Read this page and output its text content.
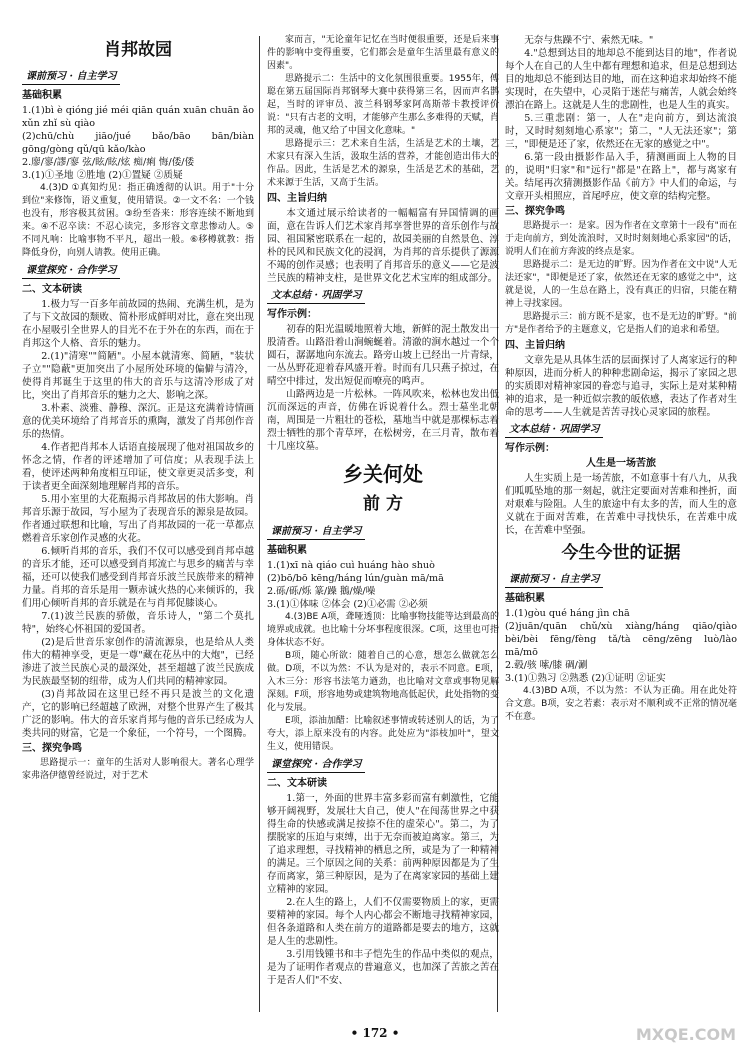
肖邦故园
课前预习 · 自主学习
基础积累

1.(1)bì è qióng jié méi qiān quán xuān chuān ǎo xǔn zhǐ sù qiào

(2)chū/chù jiāo/jué bǎo/bāo bān/biàn gōng/gòng qǔ/qū kǎo/kào

2.廖/寥/謬/寥 弦/眩/眩/炫 痴/痢 悔/倭/倭

3.(1)①圣地 ②胜地 (2)①置疑 ②质疑

4.(3)D ①真知灼见：指正确透彻的认识。用于"十分到位"来修饰，语义重复，使用错误。②一文不名：一个钱也没有，形容极其贫困。③纷至沓来：形容连续不断地到来。④不忍卒读：不忍心读完，多形容文章悲惨动人。⑤不同凡响：比喻事物不平凡，超出一般。⑥移樽就教：指降低身份，向别人请教。使用正确。

课堂探究 · 合作学习
二、文本研读

1.极力写一百多年前故园的热闹、充满生机，是为了与下文故园的颓败、简朴形成鲜明对比，意在突出现在小屋吸引全世界人的目光不在于外在的东西，而在于肖邦这个人格、音乐的魅力。

2.(1)"清寒""简陋"。小屋本就清寒、简陋，"装状子立""隐蔽"更加突出了小屋所处环境的偏僻与清冷，使得肖邦诞生于这里的伟大的音乐与这清冷形成了对比，突出了肖邦音乐的魅力之大、影响之深。

3.朴素、淡雅、静穆、深沉。正是这充满着诗情画意的优美环境给了肖邦音乐的熏陶，激发了肖邦创作音乐的热情。

4.作者把肖邦本人话语直接展现了他对祖国故乡的怀念之情，作者的评述增加了可信度；从表现手法上看，使评述两种角度相互印证，使文章更灵活多变，利于读者更全面深刻地理解肖邦的音乐。

5.用小室里的大花瓶揭示肖邦故居的伟大影响。肖邦音乐源于故园，写小屋为了表现音乐的源泉是故园。作者通过联想和比喻，写出了肖邦故园的一花一草都点燃着音乐家创作灵感的火花。

6.倾听肖邦的音乐，我们不仅可以感受到肖邦卓越的音乐才能，还可以感受到肖邦流亡与思乡的痛苦与幸福，还可以使我们感受到肖邦音乐波兰民族带来的精神力量。肖邦的音乐是用一颗赤诚火热的心来倾诉的，我们用心倾听肖邦的音乐就是在与肖邦促膝谈心。

7.(1)波兰民族的骄傲，音乐诗人，"第二个莫扎特"，始终心怀祖国的爱国者。

(2)是后世音乐家创作的清流源泉，也是给从人类伟大的精神享受，更是一尊"藏在花丛中的大炮"，已经渗进了波兰民族心灵的最深处，甚至超越了波兰民族成为民族最坚韧的纽带，成为人们共同的精神家园。

(3)肖邦故园在这里已经不再只是波兰的文化遗产，它的影响已经超越了欧洲，对整个世界产生了极其广泛的影响。伟大的音乐家肖邦与他的音乐已经成为人类共同的财富，它是一个象征，一个符号，一个图腾。

三、探究争鸣

思路提示一：童年的生活对人影响很大。著名心理学家弗洛伊德曾经说过，对于艺术

家而言，"无论童年记忆在当时便很重要，还是后来事件的影响中变得重要，它们都会是童年生活里最有意义的因素"。

思路提示二：生活中的文化氛围很重要。1955年，傅聪在第五届国际肖邦钢琴大赛中获得第三名，因而声名鹊起，当时的评审员、波兰科钢琴家阿高斯蒂卡教授评价说："只有古老的文明，才能够产生那么多难得的天赋，肖邦的灵魂，他又给了中国文化意味。"

思路提示三：艺术来自生活，生活是艺术的土壤，艺术家只有深入生活，汲取生活的营养，才能创造出伟大的作品。因此，生活是艺术的源泉，生活是艺术的基础，艺术来源于生活，又高于生活。

四、主旨归纳

本文通过展示给读者的一幅幅富有异国情调的画面，意在告诉人们艺术家肖邦享誉世界的音乐创作与故园、祖国紧密联系在一起的，故园美丽的自然景色、淳朴的民风和民族文化的浸润，为肖邦的音乐提供了源源不竭的创作灵感；也表明了肖邦音乐的意义——它是波兰民族的精神支柱，是世界文化艺术宝库的组成部分。

文本总结 · 巩固学习
写作示例：

初春的阳光温暖地照着大地，新鲜的泥土散发出一股清香。山路沿着山涧蜿蜒着。清澈的涧水越过一个个圆石，潺潺地向东流去。路旁山坡上已经出一片青绿，一丛丛野花迎着春风盛开着。时而有几只燕子掠过，在晴空中排过，发出短促而嘹亮的鸣声。

山路两边是一片松林。一阵风吹来，松林也发出低沉而深远的声音，仿佛在诉说着什么。烈士墓坐北朝南，周围是一片粗壮的苍松，墓地当中就是那棵标志着烈士牺牲的那个青草坪，在松树旁，在三月青，散布着十几座坟墓。

乡关何处
前 方
课前预习 · 自主学习
基础积累

1.(1)xī nà qiáo cuì huáng hào shuò

(2)bō/bō kēng/háng lún/guàn mā/mā

2.砾/砾/烁 篆/躁 鵝/燥/噪

3.(1)①体味 ②体会 (2)①必需 ②必须

4.(3)BE A项，聋哑透顶：比喻事物技能等达到最高的境界或成就。也比喻十分坏事程度很深。C项，这里也可指身体状态不好。

B项，随心所欲：随着自己的心意，想怎么做就怎么做。D项，不以为然：不认为是对的，表示不同意。E项，入木三分：形容书法笔力遒劲，也比喻对文章或事物见解深刻。F项，形容地势或建筑物地高低起伏，此处指物的变化与发展。

E项，添油加醋：比喻叙述事情或转述别人的话，为了夸大，添上原来没有的内容。此处应为"添枝加叶"，望文生义，使用错误。

课堂探究 · 合作学习
二、文本研读

1.第一，外面的世界丰富多彩而富有刺激性，它能够开阔视野，发展壮大自己，使人"在闯荡世界之中获得生命的快感或满足按捺不住的虚荣心"。第二，为了摆脱家的压迫与束缚，出于无奈而被迫离家。第三，为了追求理想，寻找精神的栖息之所，或是为了一种精神的满足。三个原因之间的关系：前两种原因都是为了生存而离家，第三种原因，是为了在离家家园的基础上建立精神的家园。

2.在人生的路上，人们不仅需要物质上的家，更需要精神的家园。每个人内心都会不断地寻找精神家园，但各条道路和人类在前方的道路都是要去的地方，这就是人生的悲剧性。

3.引用钱锺书和丰子恺先生的作品中类似的观点，是为了证明作者观点的普遍意义，也加深了苦旅之苦在于是否人们"不安、

无奈与焦躁不宁、索然无味。"

4."总想到达目的地却总不能到达目的地"，作者说每个人在自己的人生中都有理想和追求，但是总想到达目的地却总不能到达目的地，而在这种追求却始终不能实现时，在失望中，心灵陷于迷茫与痛苦，人就会始终漂泊在路上。这就是人生的悲剧性，也是人生的真实。

5.三重悲剧：第一，人在"走向前方，到达流浪时，又时时刻刻地心系家"；第二，"人无法还家"；第三，"即便是还了家，依然还在无家的感觉之中"。

6.第一段由摄影作品入手，猜测画面上人物的目的，说明"归家"和"远行"都是"在路上"，都与离家有关。结尾再次猜测摄影作品《前方》中人们的命运，与文章开头相照应，首尾呼应，使文章的结构完整。

三、探究争鸣

思路提示一：是家。因为作者在文章第十一段有"而在于走向前方，到处流浪时，又时时刻刻地心系家园"的话，说明人们在前方奔波的终点是家。

思路提示二：是无边的旷野。因为作者在文中说"人无法还家"，"即便是还了家，依然还在无家的感觉之中"，这就是说，人的一生总在路上，没有真正的归宿，只能在精神上寻找家园。

思路提示三：前方既不是家，也不是无边的旷野。"前方"是作者给予的主题意义，它是指人们的追求和希望。

四、主旨归纳

文章先是从具体生活的层面探讨了人离家远行的种种原因，进而分析人的种种悲剧命运，揭示了家园之思的实质即对精神家园的眷恋与追寻，实际上是对某种精神的追求，是一种近似宗教的皈依感，表达了作者对生命的思考——人生就是苦苦寻找心灵家园的旅程。

文本总结 · 巩固学习
写作示例：
人生是一场苦旅

人生实质上是一场苦旅，不如意事十有八九，从我们呱呱坠地的那一刻起，就注定要面对苦难和挫折，面对艰难与险阻。人生的旅途中有太多的苦，而人生的意义就在于面对苦难，在苦难中寻找快乐，在苦难中成长，在苦难中坚强。

今生今世的证据
课前预习 · 自主学习
基础积累

1.(1)gòu qué háng jìn chā

(2)juān/quān chǔ/xù xiàng/háng qiāo/qiào bèi/bèi fēng/fèng tǎ/tà cēng/zēng luò/lào mā/mō

2.毂/骇 嗦/膝 碉/涮

3.(1)①熟习 ②熟悉 (2)①证明 ②证实

4.(3)BD A项，不以为然：不认为正确。用在此处符合文意。B项，安之若素：表示对不顺利或不正常的情况毫不在意。

• 172 •	MXQE.COM
